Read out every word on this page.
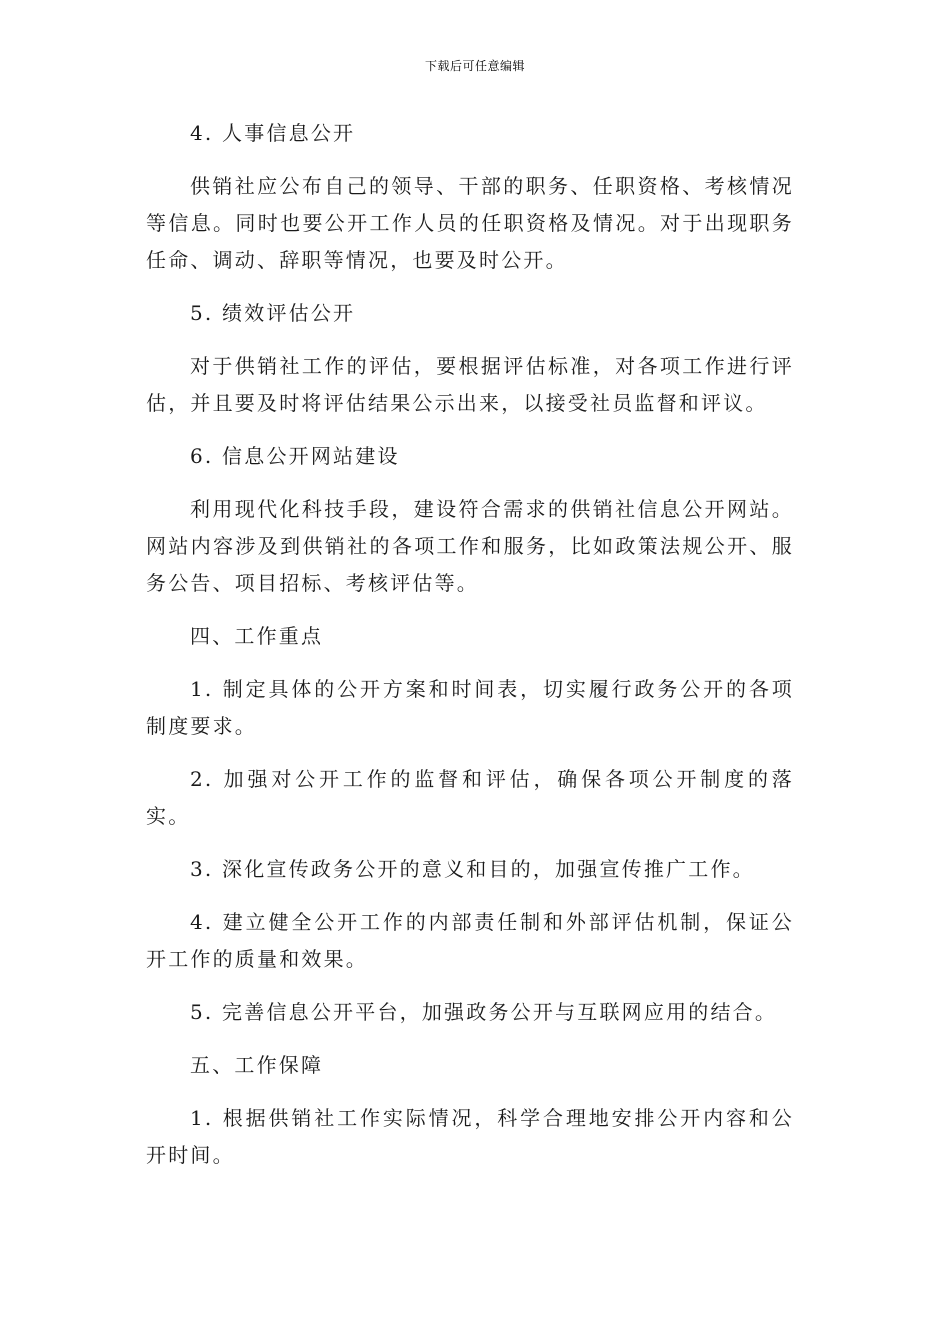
下载后可任意编辑

4. 人事信息公开

供销社应公布自己的领导、干部的职务、任职资格、考核情况等信息。同时也要公开工作人员的任职资格及情况。对于出现职务任命、调动、辞职等情况，也要及时公开。

5. 绩效评估公开

对于供销社工作的评估，要根据评估标准，对各项工作进行评估，并且要及时将评估结果公示出来，以接受社员监督和评议。

6. 信息公开网站建设

利用现代化科技手段，建设符合需求的供销社信息公开网站。网站内容涉及到供销社的各项工作和服务，比如政策法规公开、服务公告、项目招标、考核评估等。

四、工作重点

1. 制定具体的公开方案和时间表，切实履行政务公开的各项制度要求。

2. 加强对公开工作的监督和评估，确保各项公开制度的落实。

3. 深化宣传政务公开的意义和目的，加强宣传推广工作。

4. 建立健全公开工作的内部责任制和外部评估机制，保证公开工作的质量和效果。

5. 完善信息公开平台，加强政务公开与互联网应用的结合。

五、工作保障

1. 根据供销社工作实际情况，科学合理地安排公开内容和公开时间。
